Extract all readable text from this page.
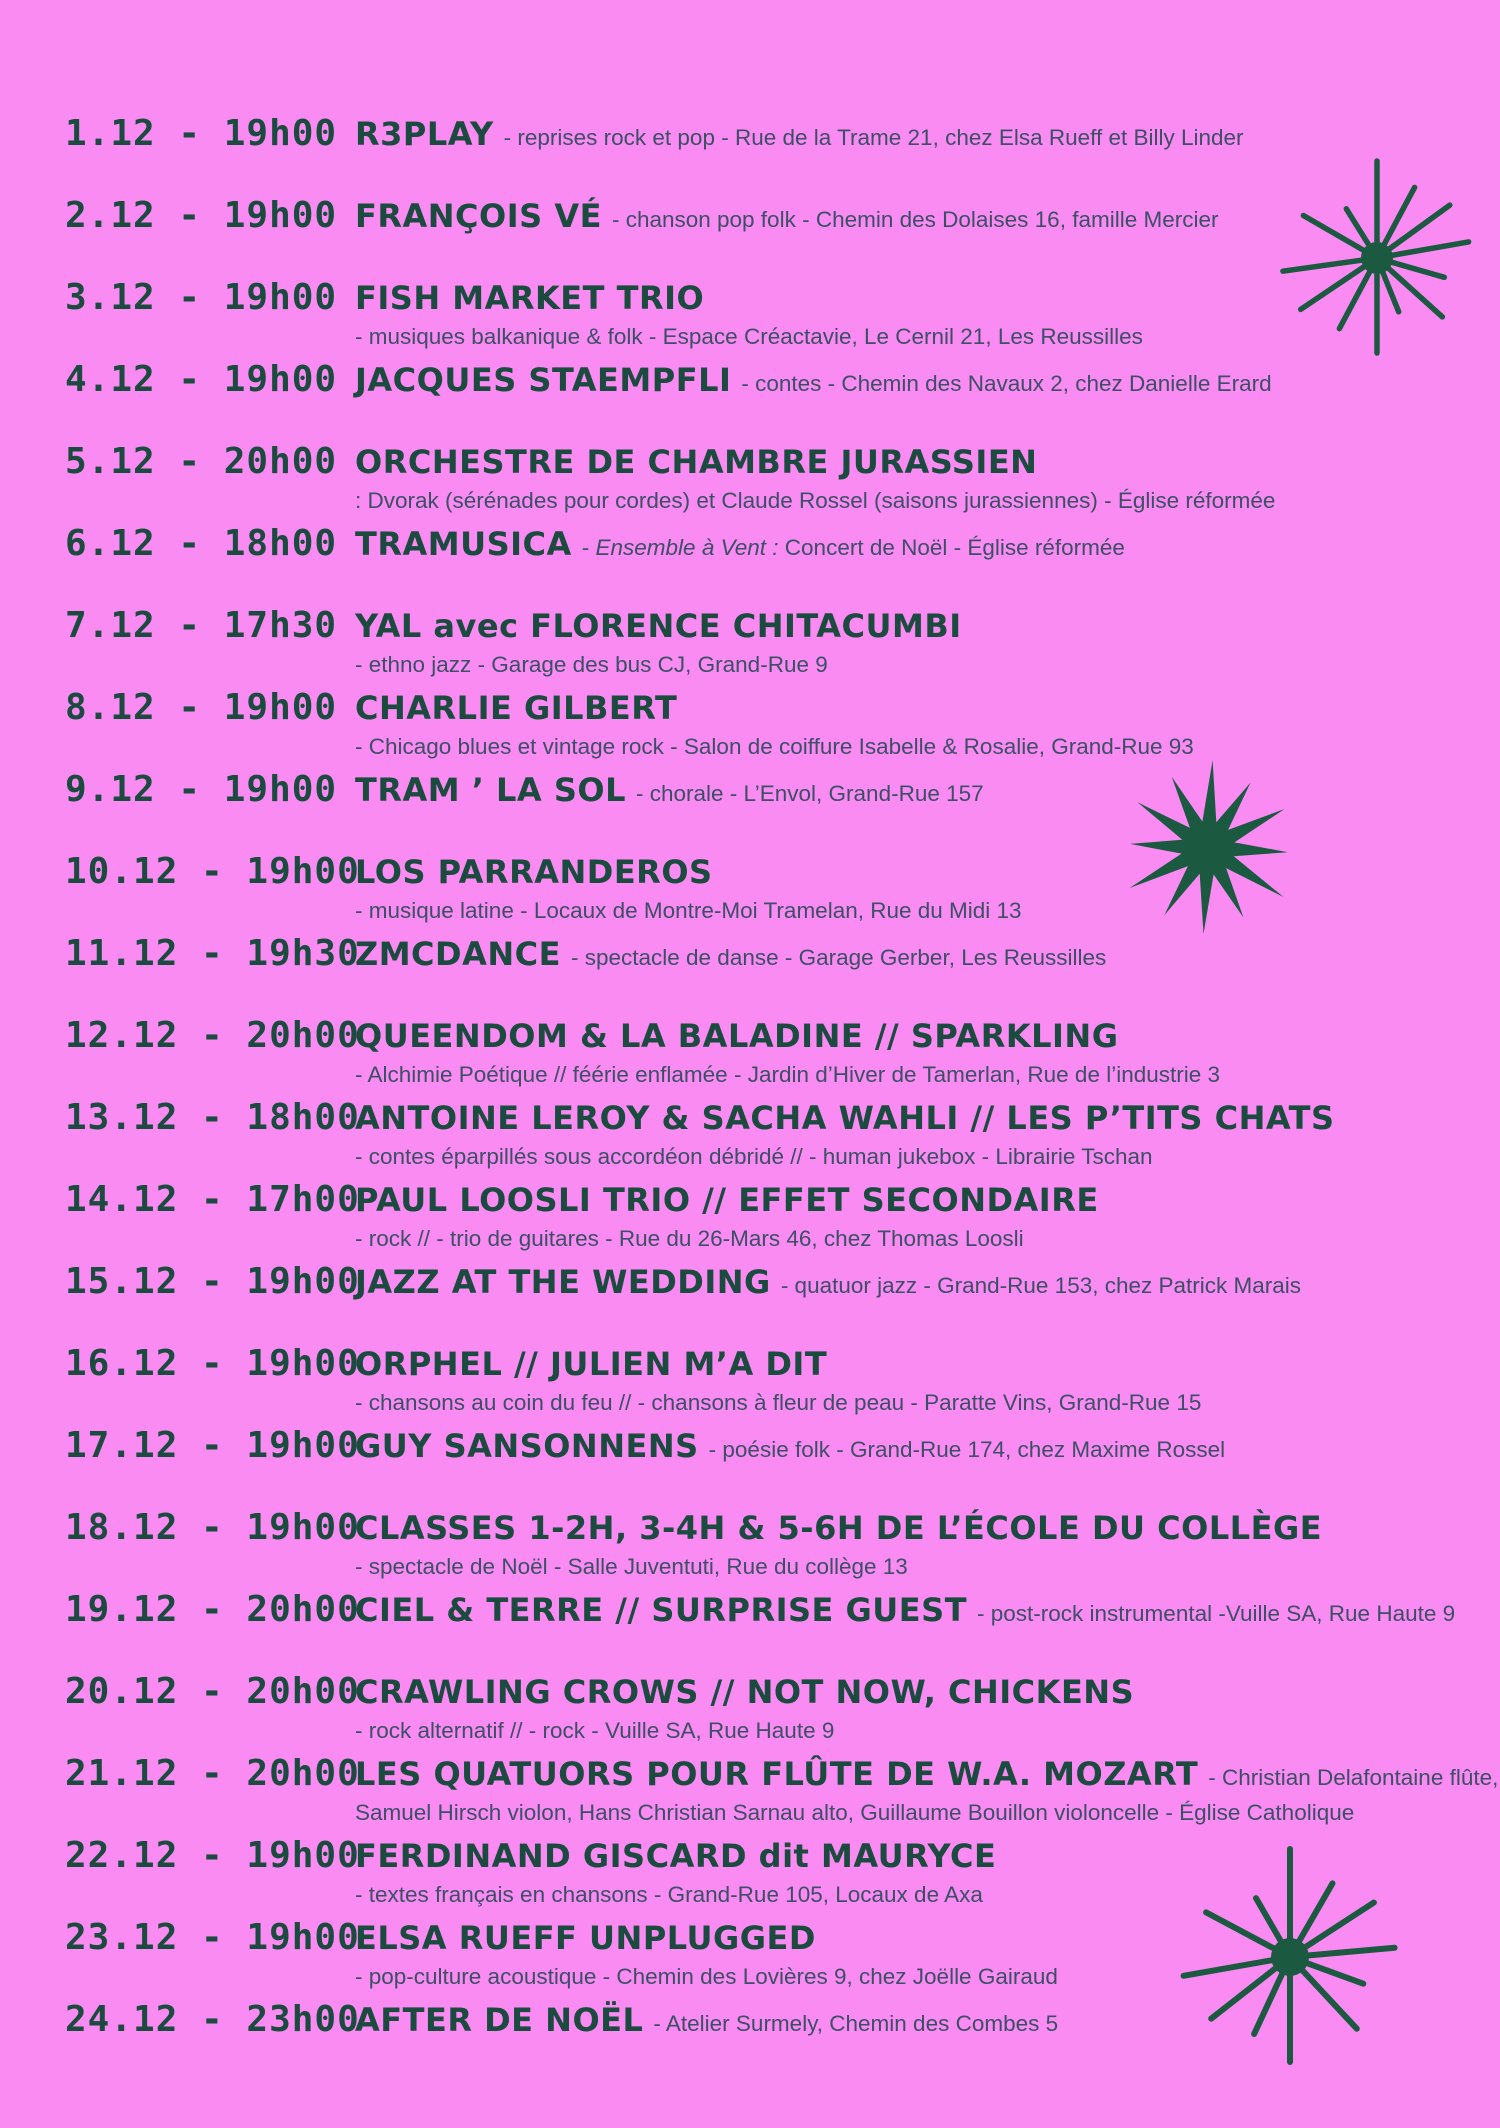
1.12 - 19h00 R3PLAY - reprises rock et pop - Rue de la Trame 21, chez Elsa Rueff et Billy Linder
2.12 - 19h00 FRANÇOIS VÉ - chanson pop folk - Chemin des Dolaises 16, famille Mercier
3.12 - 19h00 FISH MARKET TRIO
- musiques balkanique & folk - Espace Créactavie, Le Cernil 21, Les Reussilles
4.12 - 19h00 JACQUES STAEMPFLI - contes - Chemin des Navaux 2, chez Danielle Erard
5.12 - 20h00 ORCHESTRE DE CHAMBRE JURASSIEN
: Dvorak (sérénades pour cordes) et Claude Rossel (saisons jurassiennes) - Église réformée
6.12 - 18h00 TRAMUSICA - Ensemble à Vent : Concert de Noël - Église réformée
7.12 - 17h30 YAL avec FLORENCE CHITACUMBI
- ethno jazz - Garage des bus CJ, Grand-Rue 9
8.12 - 19h00 CHARLIE GILBERT
- Chicago blues et vintage rock - Salon de coiffure Isabelle & Rosalie, Grand-Rue 93
9.12 - 19h00 TRAM ’ LA SOL - chorale - L’Envol, Grand-Rue 157
10.12 - 19h00
LOS PARRANDEROS
- musique latine - Locaux de Montre-Moi Tramelan, Rue du Midi 13
11.12 - 19h30
ZMCDANCE - spectacle de danse - Garage Gerber, Les Reussilles
12.12 - 20h00
QUEENDOM & LA BALADINE // SPARKLING
- Alchimie Poétique // féérie enflamée - Jardin d’Hiver de Tamerlan, Rue de l’industrie 3
13.12 - 18h00
ANTOINE LEROY & SACHA WAHLI // LES P’TITS CHATS
- contes éparpillés sous accordéon débridé // - human jukebox - Librairie Tschan
14.12 - 17h00
PAUL LOOSLI TRIO // EFFET SECONDAIRE
- rock // - trio de guitares - Rue du 26-Mars 46, chez Thomas Loosli
15.12 - 19h00
JAZZ AT THE WEDDING - quatuor jazz - Grand-Rue 153, chez Patrick Marais
16.12 - 19h00
ORPHEL // JULIEN M’A DIT
- chansons au coin du feu // - chansons à fleur de peau - Paratte Vins, Grand-Rue 15
17.12 - 19h00
GUY SANSONNENS - poésie folk - Grand-Rue 174, chez Maxime Rossel
18.12 - 19h00
CLASSES 1-2H, 3-4H & 5-6H DE L’ÉCOLE DU COLLÈGE
- spectacle de Noël - Salle Juventuti, Rue du collège 13
19.12 - 20h00
CIEL & TERRE // SURPRISE GUEST - post-rock instrumental -Vuille SA, Rue Haute 9
20.12 - 20h00
CRAWLING CROWS // NOT NOW, CHICKENS
- rock alternatif // - rock - Vuille SA, Rue Haute 9
21.12 - 20h00
LES QUATUORS POUR FLÛTE DE W.A. MOZART - Christian Delafontaine flûte,
Samuel Hirsch violon, Hans Christian Sarnau alto, Guillaume Bouillon violoncelle - Église Catholique
22.12 - 19h00
FERDINAND GISCARD dit MAURYCE
- textes français en chansons - Grand-Rue 105, Locaux de Axa
23.12 - 19h00
ELSA RUEFF UNPLUGGED
- pop-culture acoustique - Chemin des Lovières 9, chez Joëlle Gairaud
24.12 - 23h00
AFTER DE NOËL - Atelier Surmely, Chemin des Combes 5
